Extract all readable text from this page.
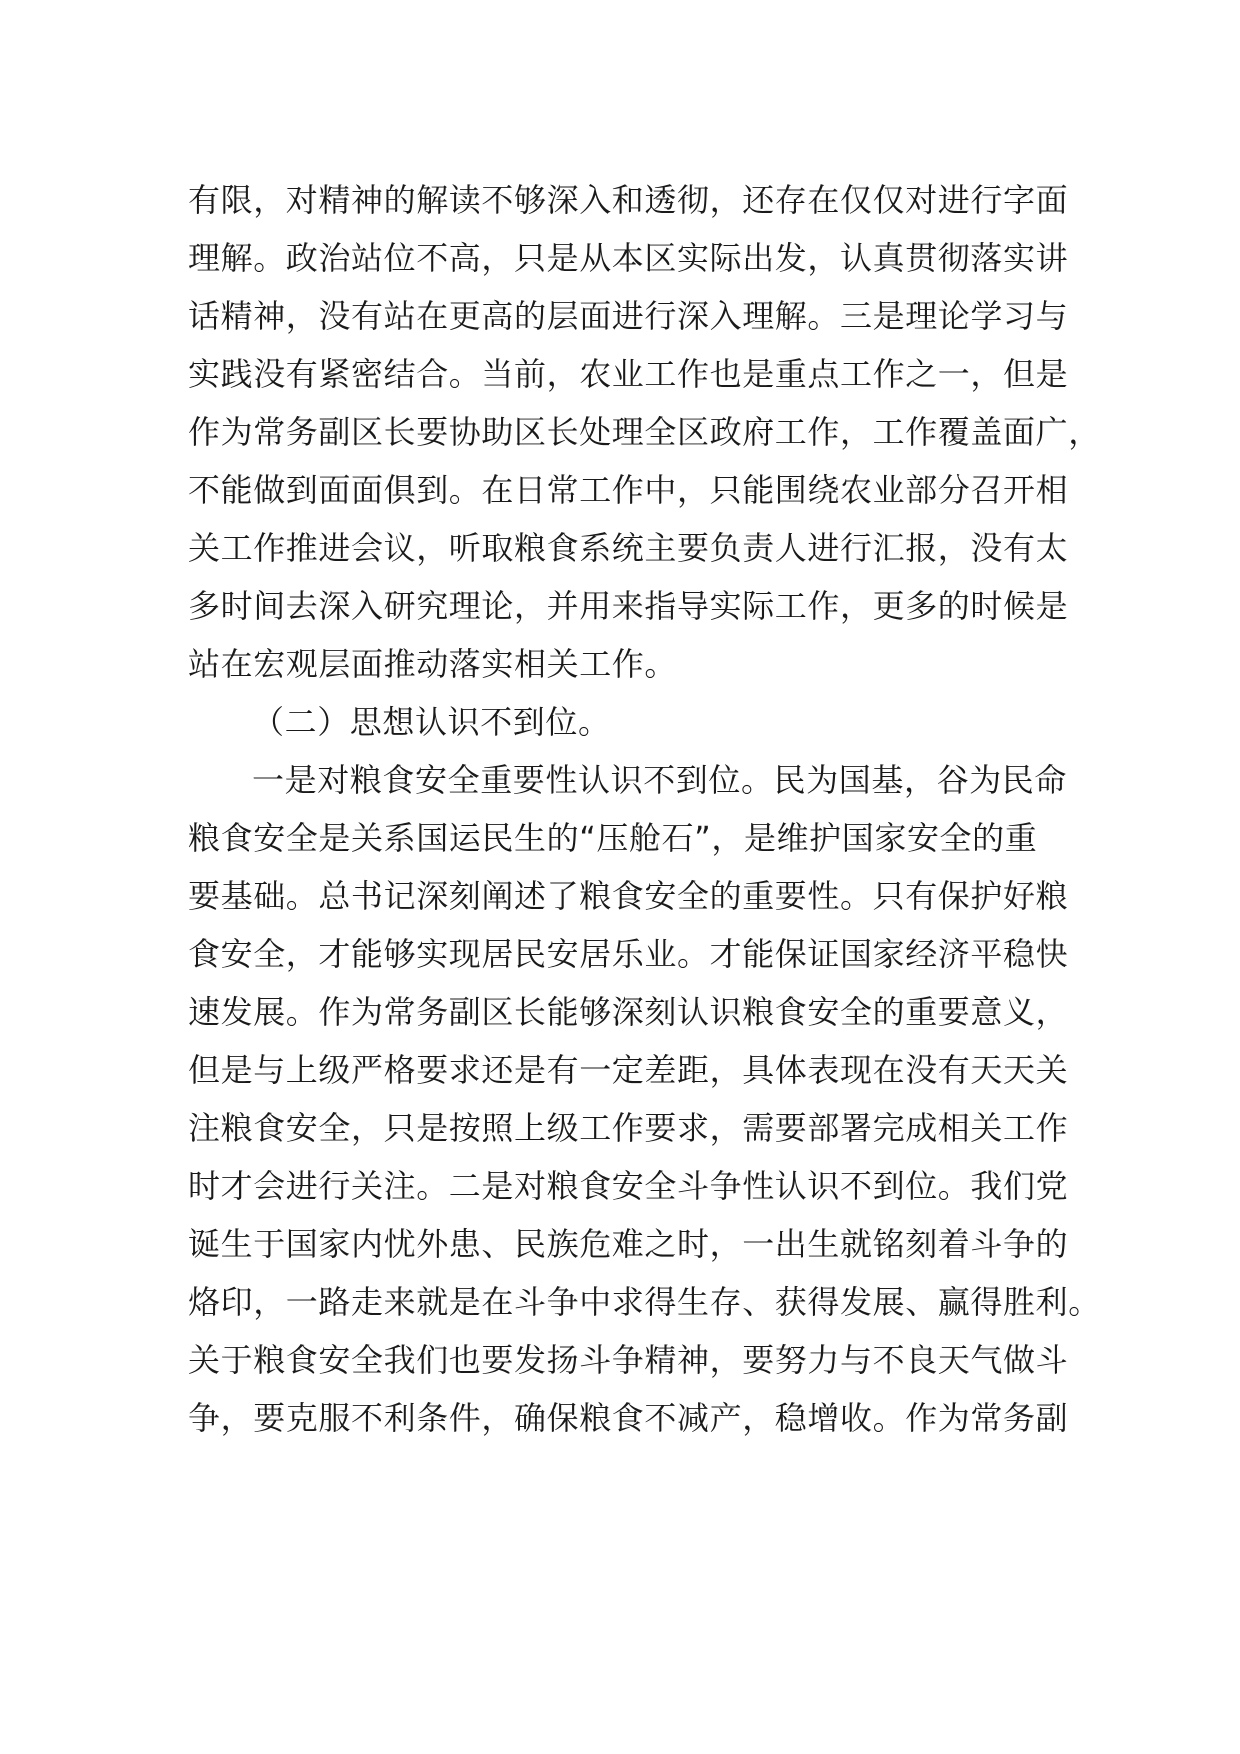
有限，对精神的解读不够深入和透彻，还存在仅仅对进行字面
理解。政治站位不高，只是从本区实际出发，认真贯彻落实讲
话精神，没有站在更高的层面进行深入理解。三是理论学习与
实践没有紧密结合。当前，农业工作也是重点工作之一，但是
作为常务副区长要协助区长处理全区政府工作，工作覆盖面广，
不能做到面面俱到。在日常工作中，只能围绕农业部分召开相
关工作推进会议，听取粮食系统主要负责人进行汇报，没有太
多时间去深入研究理论，并用来指导实际工作，更多的时候是
站在宏观层面推动落实相关工作。
（二）思想认识不到位。
一是对粮食安全重要性认识不到位。民为国基，谷为民命
粮食安全是关系国运民生的“压舱石”，是维护国家安全的重
要基础。总书记深刻阐述了粮食安全的重要性。只有保护好粮
食安全，才能够实现居民安居乐业。才能保证国家经济平稳快
速发展。作为常务副区长能够深刻认识粮食安全的重要意义，
但是与上级严格要求还是有一定差距，具体表现在没有天天关
注粮食安全，只是按照上级工作要求，需要部署完成相关工作
时才会进行关注。二是对粮食安全斗争性认识不到位。我们党
诞生于国家内忧外患、民族危难之时，一出生就铭刻着斗争的
烙印，一路走来就是在斗争中求得生存、获得发展、赢得胜利。
关于粮食安全我们也要发扬斗争精神，要努力与不良天气做斗
争，要克服不利条件，确保粮食不减产，稳增收。作为常务副
